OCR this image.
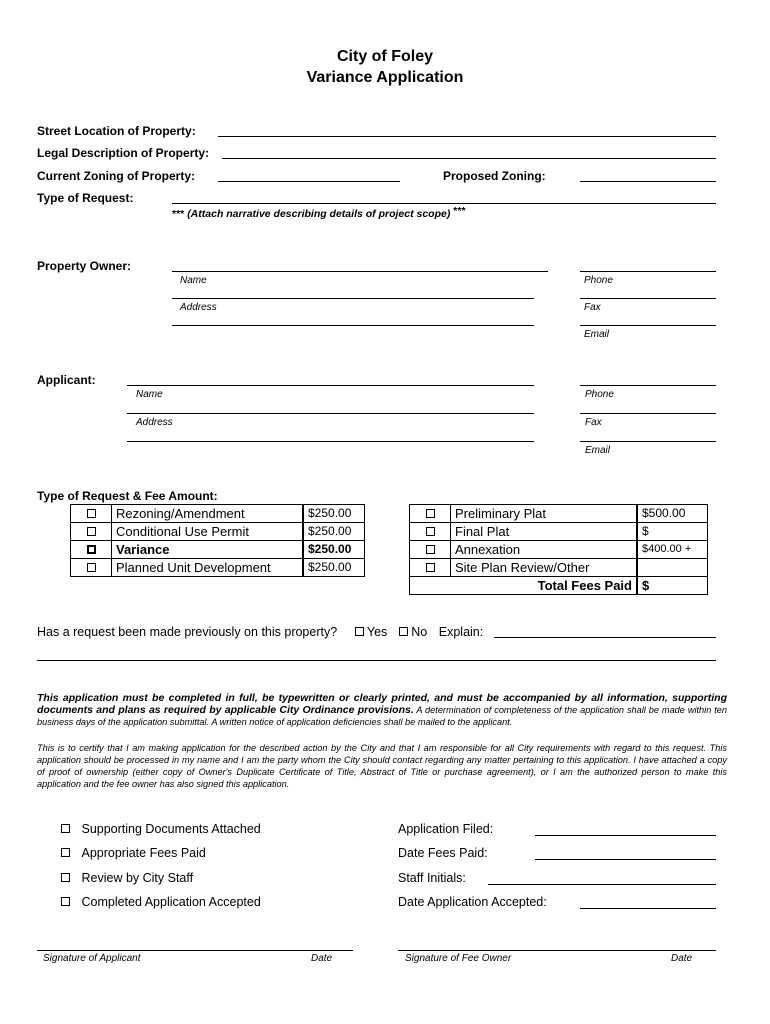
City of Foley
Variance Application
Street Location of Property:
Legal Description of Property:
Current Zoning of Property:	Proposed Zoning:
Type of Request:
*** (Attach narrative describing details of project scope) ***
Property Owner:
Name	Phone
Address	Fax
Email
Applicant:
Name	Phone
Address	Fax
Email
Type of Request & Fee Amount:
	Rezoning/Amendment	$250.00
	Conditional Use Permit	$250.00
	Variance	$250.00
	Planned Unit Development	$250.00
	Preliminary Plat	$500.00
	Final Plat	$
	Annexation	$400.00 +
	Site Plan Review/Other	
	Total Fees Paid	$
Has a request been made previously on this property? Yes No Explain:
This application must be completed in full, be typewritten or clearly printed, and must be accompanied by all information, supporting documents and plans as required by applicable City Ordinance provisions. A determination of completeness of the application shall be made within ten business days of the application submittal. A written notice of application deficiencies shall be mailed to the applicant.
This is to certify that I am making application for the described action by the City and that I am responsible for all City requirements with regard to this request. This application should be processed in my name and I am the party whom the City should contact regarding any matter pertaining to this application. I have attached a copy of proof of ownership (either copy of Owner's Duplicate Certificate of Title, Abstract of Title or purchase agreement), or I am the authorized person to make this application and the fee owner has also signed this application.
Supporting Documents Attached
Appropriate Fees Paid
Review by City Staff
Completed Application Accepted
Application Filed:
Date Fees Paid:
Staff Initials:
Date Application Accepted:
Signature of Applicant	Date	Signature of Fee Owner	Date
